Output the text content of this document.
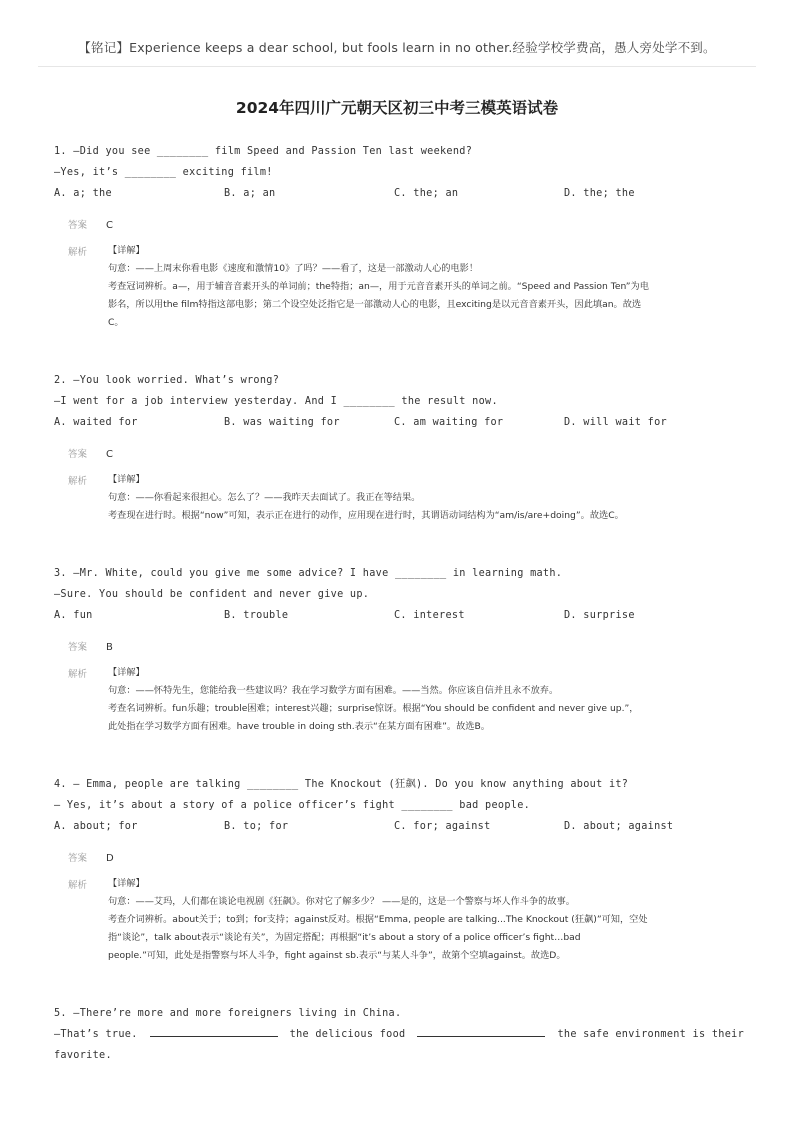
【铭记】Experience keeps a dear school, but fools learn in no other.经验学校学费高，愚人旁处学不到。
2024年四川广元朝天区初三中考三模英语试卷
1. —Did you see ________ film Speed and Passion Ten last weekend?
—Yes, it’s ________ exciting film!
A. a; the	B. a; an	C. the; an	D. the; the
答案 C
解析 【详解】
句意：——上周末你看电影《速度和激情10》了吗？——看了，这是一部激动人心的电影！
考查冠词辨析。a—，用于辅音音素开头的单词前；the特指；an—，用于元音音素开头的单词之前。“Speed and Passion Ten”为电
影名，所以用the film特指这部电影；第二个设空处泛指它是一部激动人心的电影，且exciting是以元音音素开头，因此填an。故选
C。
2. —You look worried. What’s wrong?
—I went for a job interview yesterday. And I ________ the result now.
A. waited for	B. was waiting for	C. am waiting for	D. will wait for
答案 C
解析 【详解】
句意：——你看起来很担心。怎么了？——我昨天去面试了。我正在等结果。
考查现在进行时。根据“now”可知，表示正在进行的动作，应用现在进行时，其谓语动词结构为“am/is/are+doing”。故选C。
3. —Mr. White, could you give me some advice? I have ________ in learning math.
—Sure. You should be confident and never give up.
A. fun	B. trouble	C. interest	D. surprise
答案 B
解析 【详解】
句意：——怀特先生，您能给我一些建议吗？我在学习数学方面有困难。——当然。你应该自信并且永不放弃。
考查名词辨析。fun乐趣；trouble困难；interest兴趣；surprise惊讶。根据“You should be confident and never give up.”，
此处指在学习数学方面有困难。have trouble in doing sth.表示“在某方面有困难”。故选B。
4. — Emma, people are talking ________ The Knockout (狂飙). Do you know anything about it?
— Yes, it’s about a story of a police officer’s fight ________ bad people.
A. about; for	B. to; for	C. for; against	D. about; against
答案 D
解析 【详解】
句意：——艾玛，人们都在谈论电视剧《狂飙》。你对它了解多少？ ——是的，这是一个警察与坏人作斗争的故事。
考查介词辨析。about关于；to到；for支持；against反对。根据“Emma, people are talking...The Knockout (狂飙)”可知，空处
指“谈论”，talk about表示“谈论有关”，为固定搭配；再根据“it’s about a story of a police officer’s fight…bad
people.”可知，此处是指警察与坏人斗争，fight against sb.表示“与某人斗争”，故第个空填against。故选D。
5. —There’re more and more foreigners living in China.
—That’s true.	the delicious food	the safe environment is their
favorite.
